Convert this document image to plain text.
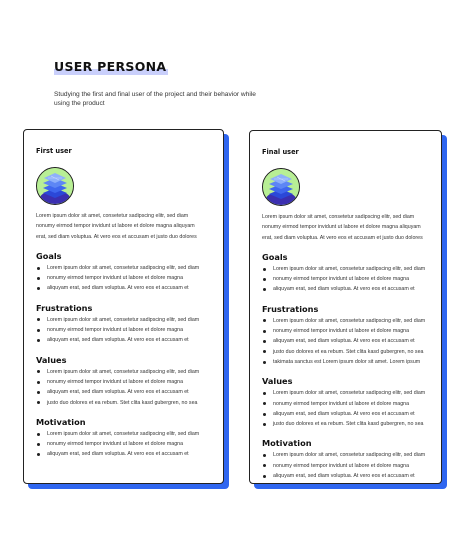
USER PERSONA
Studying the first and final user of the project and their behavior while using the product
First user
Lorem ipsum dolor sit amet, consetetur sadipscing elitr, sed diam
nonumy eirmod tempor invidunt ut labore et dolore magna aliquyam
erat, sed diam voluptua. At vero eos et accusam et justo duo dolores
Goals
Lorem ipsum dolor sit amet, consetetur sadipscing elitr, sed diam
nonumy eirmod tempor invidunt ut labore et dolore magna
aliquyam erat, sed diam voluptua. At vero eos et accusam et
Frustrations
Lorem ipsum dolor sit amet, consetetur sadipscing elitr, sed diam
nonumy eirmod tempor invidunt ut labore et dolore magna
aliquyam erat, sed diam voluptua. At vero eos et accusam et
Values
Lorem ipsum dolor sit amet, consetetur sadipscing elitr, sed diam
nonumy eirmod tempor invidunt ut labore et dolore magna
aliquyam erat, sed diam voluptua. At vero eos et accusam et
justo duo dolores et ea rebum. Stet clita kasd gubergren, no sea
Motivation
Lorem ipsum dolor sit amet, consetetur sadipscing elitr, sed diam
nonumy eirmod tempor invidunt ut labore et dolore magna
aliquyam erat, sed diam voluptua. At vero eos et accusam et
Final user
Lorem ipsum dolor sit amet, consetetur sadipscing elitr, sed diam
nonumy eirmod tempor invidunt ut labore et dolore magna aliquyam
erat, sed diam voluptua. At vero eos et accusam et justo duo dolores
Goals
Lorem ipsum dolor sit amet, consetetur sadipscing elitr, sed diam
nonumy eirmod tempor invidunt ut labore et dolore magna
aliquyam erat, sed diam voluptua. At vero eos et accusam et
Frustrations
Lorem ipsum dolor sit amet, consetetur sadipscing elitr, sed diam
nonumy eirmod tempor invidunt ut labore et dolore magna
aliquyam erat, sed diam voluptua. At vero eos et accusam et
justo duo dolores et ea rebum. Stet clita kasd gubergren, no sea
takimata sanctus est Lorem ipsum dolor sit amet. Lorem ipsum
Values
Lorem ipsum dolor sit amet, consetetur sadipscing elitr, sed diam
nonumy eirmod tempor invidunt ut labore et dolore magna
aliquyam erat, sed diam voluptua. At vero eos et accusam et
justo duo dolores et ea rebum. Stet clita kasd gubergren, no sea
Motivation
Lorem ipsum dolor sit amet, consetetur sadipscing elitr, sed diam
nonumy eirmod tempor invidunt ut labore et dolore magna
aliquyam erat, sed diam voluptua. At vero eos et accusam et
